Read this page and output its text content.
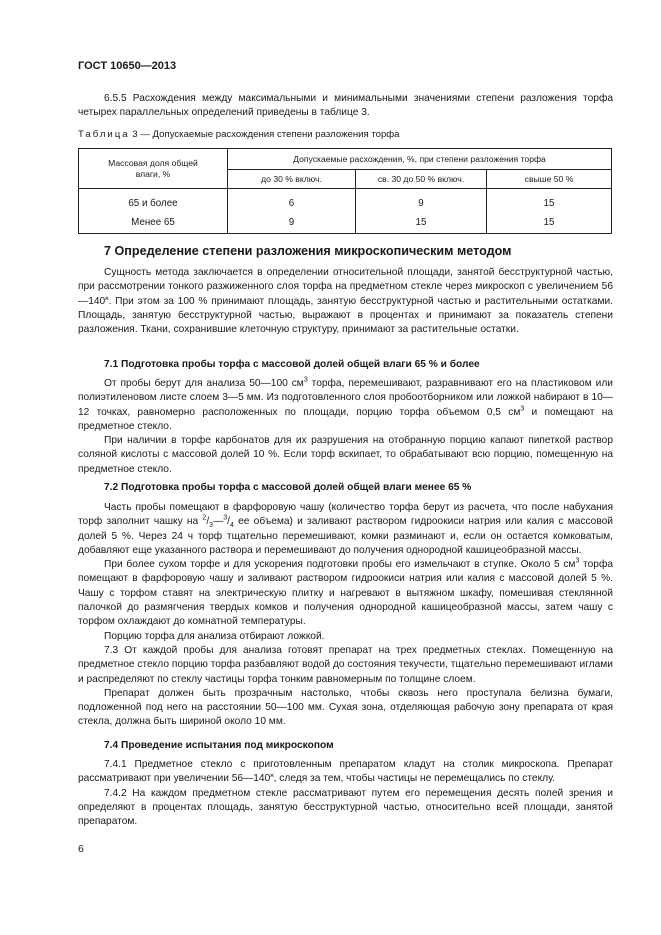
ГОСТ 10650—2013

6.5.5 Расхождения между максимальными и минимальными значениями степени разложения торфа четырех параллельных определений приведены в таблице 3.

Таблица 3 — Допускаемые расхождения степени разложения торфа
Массовая доля общей влаги, %	Допускаемые расхождения, %, при степени разложения торфа		
	до 30 % включ.	св. 30 до 50 % включ.	свыше 50 %
65 и более	6	9	15
Менее 65	9	15	15
7 Определение степени разложения микроскопическим методом

Сущность метода заключается в определении относительной площади, занятой бесструктурной частью, при рассмотрении тонкого разжиженного слоя торфа на предметном стекле через микроскоп с увеличением 56—140˟. При этом за 100 % принимают площадь, занятую бесструктурной частью и растительными остатками. Площадь, занятую бесструктурной частью, выражают в процентах и принимают за показатель степени разложения. Ткани, сохранившие клеточную структуру, принимают за растительные остатки.

7.1 Подготовка пробы торфа с массовой долей общей влаги 65 % и более

От пробы берут для анализа 50—100 $см^3$ торфа, перемешивают, разравнивают его на пластиковом или полиэтиленовом листе слоем 3—5 мм. Из подготовленного слоя пробоотборником или ложкой набирают в 10—12 точках, равномерно расположенных по площади, порцию торфа объемом 0,5 $см^3$ и помещают на предметное стекло.

При наличии в торфе карбонатов для их разрушения на отобранную порцию капают пипеткой раствор соляной кислоты с массовой долей 10 %. Если торф вскипает, то обрабатывают всю порцию, помещенную на предметное стекло.

7.2 Подготовка пробы торфа с массовой долей общей влаги менее 65 %

Часть пробы помещают в фарфоровую чашу (количество торфа берут из расчета, что после набухания торф заполнит чашку на $^2/_3—^3/_4$ ее объема) и заливают раствором гидроокиси натрия или калия с массовой долей 5 %. Через 24 ч торф тщательно перемешивают, комки разминают и, если он остается комковатым, добавляют еще указанного раствора и перемешивают до получения однородной кашицеобразной массы.

При более сухом торфе и для ускорения подготовки пробы его измельчают в ступке. Около 5 $см^3$ торфа помещают в фарфоровую чашу и заливают раствором гидроокиси натрия или калия с массовой долей 5 %. Чашу с торфом ставят на электрическую плитку и нагревают в вытяжном шкафу, помешивая стеклянной палочкой до размягчения твердых комков и получения однородной кашицеобразной массы, затем чашу с торфом охлаждают до комнатной температуры.

Порцию торфа для анализа отбирают ложкой.

7.3 От каждой пробы для анализа готовят препарат на трех предметных стеклах. Помещенную на предметное стекло порцию торфа разбавляют водой до состояния текучести, тщательно перемешивают иглами и распределяют по стеклу частицы торфа тонким равномерным по толщине слоем.

Препарат должен быть прозрачным настолько, чтобы сквозь него проступала белизна бумаги, подложенной под него на расстоянии 50—100 мм. Сухая зона, отделяющая рабочую зону препарата от края стекла, должна быть шириной около 10 мм.

7.4 Проведение испытания под микроскопом

7.4.1 Предметное стекло с приготовленным препаратом кладут на столик микроскопа. Препарат рассматривают при увеличении 56—140˟, следя за тем, чтобы частицы не перемещались по стеклу.

7.4.2 На каждом предметном стекле рассматривают путем его перемещения десять полей зрения и определяют в процентах площадь, занятую бесструктурной частью, относительно всей площади, занятой препаратом.

6
